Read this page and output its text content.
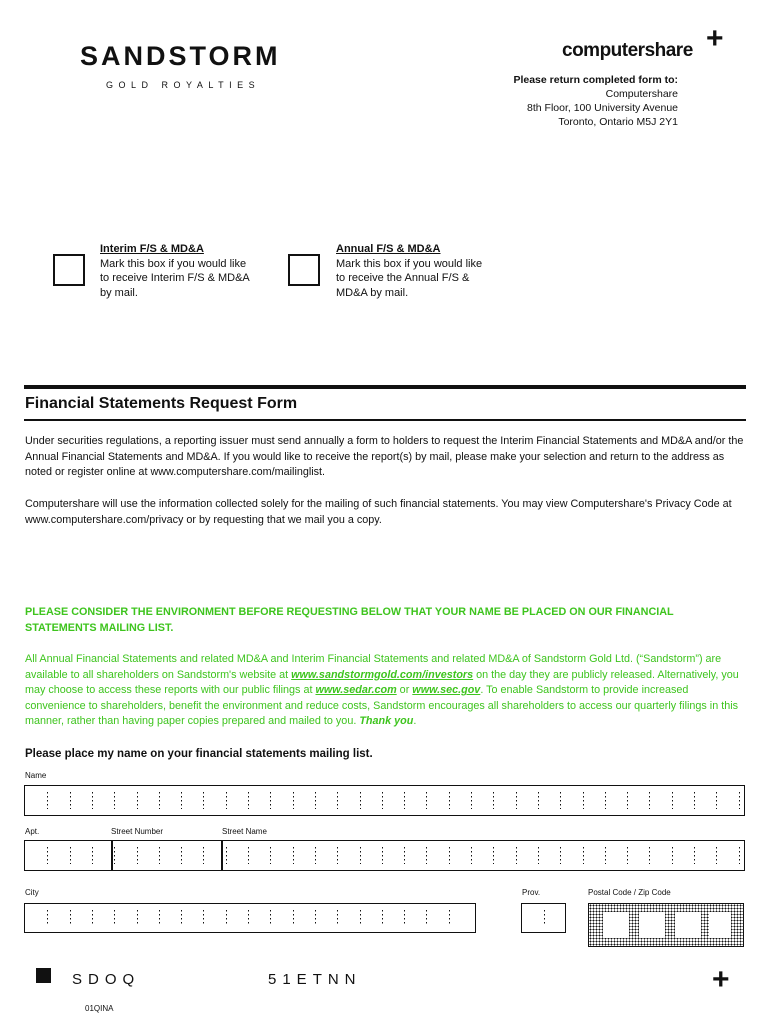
SANDSTORM
GOLD ROYALTIES
computershare +
Please return completed form to:
Computershare
8th Floor, 100 University Avenue
Toronto, Ontario M5J 2Y1
Interim F/S & MD&A
Mark this box if you would like to receive Interim F/S & MD&A by mail.
Annual F/S & MD&A
Mark this box if you would like to receive the Annual F/S & MD&A by mail.
Financial Statements Request Form
Under securities regulations, a reporting issuer must send annually a form to holders to request the Interim Financial Statements and MD&A and/or the Annual Financial Statements and MD&A. If you would like to receive the report(s) by mail, please make your selection and return to the address as noted or register online at www.computershare.com/mailinglist.
Computershare will use the information collected solely for the mailing of such financial statements. You may view Computershare's Privacy Code at www.computershare.com/privacy or by requesting that we mail you a copy.
PLEASE CONSIDER THE ENVIRONMENT BEFORE REQUESTING BELOW THAT YOUR NAME BE PLACED ON OUR FINANCIAL STATEMENTS MAILING LIST.
All Annual Financial Statements and related MD&A and Interim Financial Statements and related MD&A of Sandstorm Gold Ltd. (“Sandstorm”) are available to all shareholders on Sandstorm's website at www.sandstormgold.com/investors on the day they are publicly released. Alternatively, you may choose to access these reports with our public filings at www.sedar.com or www.sec.gov. To enable Sandstorm to provide increased convenience to shareholders, benefit the environment and reduce costs, Sandstorm encourages all shareholders to access our quarterly filings in this manner, rather than having paper copies prepared and mailed to you. Thank you.
Please place my name on your financial statements mailing list.
Name
Apt.	Street Number	Street Name
City	Prov.	Postal Code / Zip Code
SDOQ	51ETNN	+
01QINA
